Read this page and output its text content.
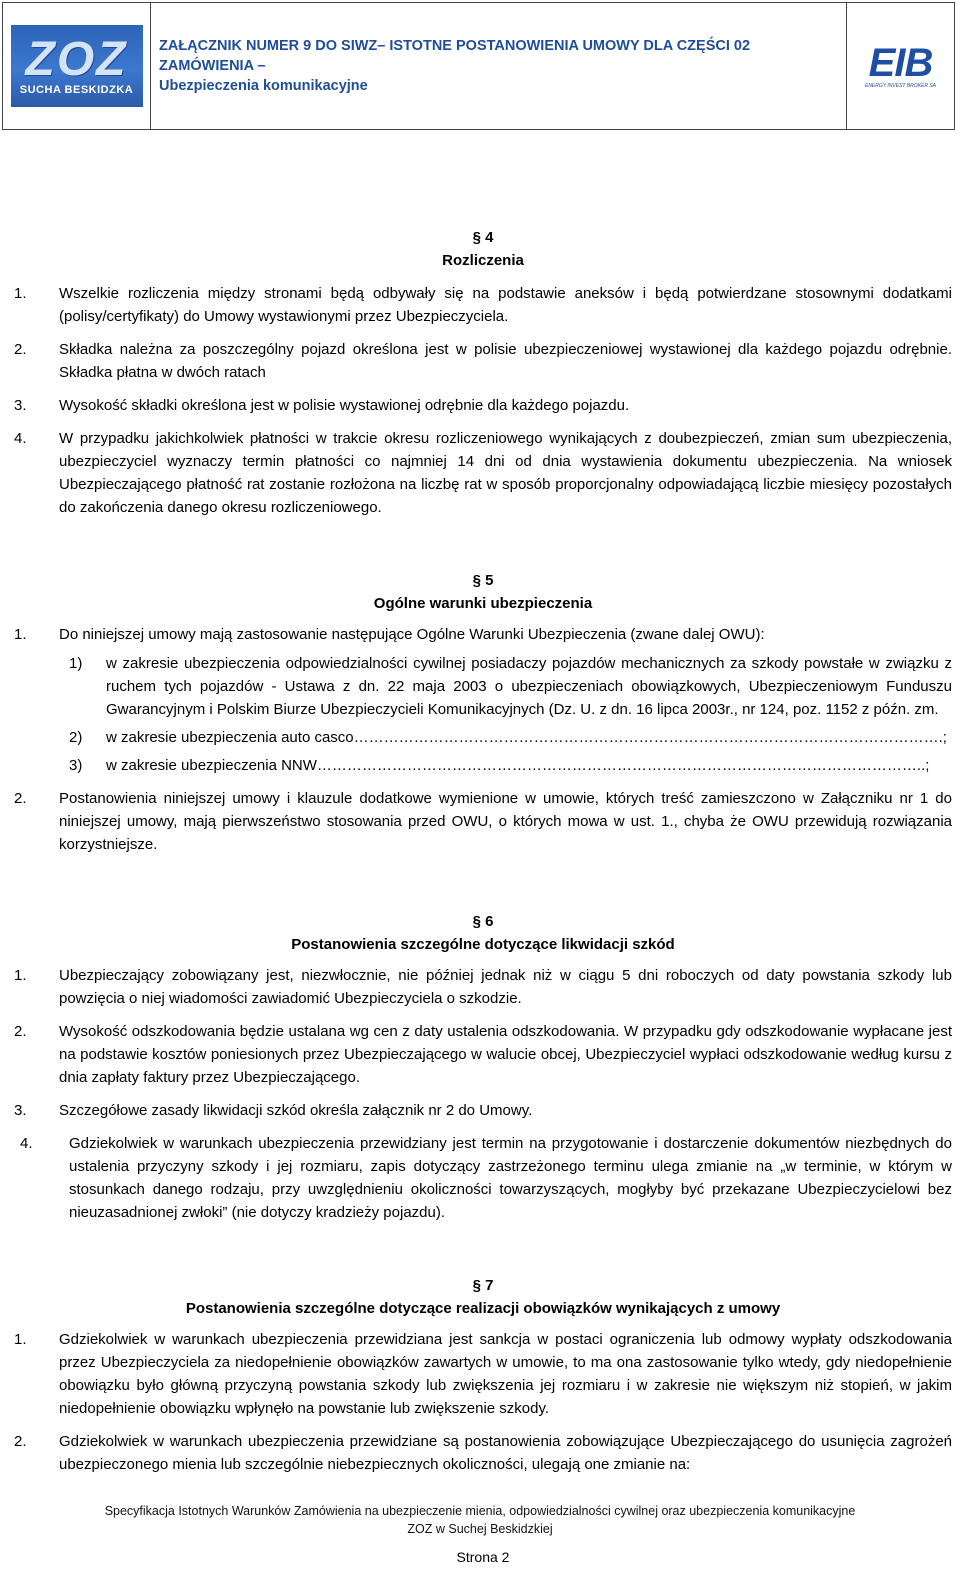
ZOZ
SUCHA BESKIDZKA
ZAŁĄCZNIK NUMER 9 DO SIWZ– ISTOTNE POSTANOWIENIA UMOWY DLA CZĘŚCI 02 ZAMÓWIENIA –
Ubezpieczenia komunikacyjne
EIB
ENERGY INVEST BROKER SA
§ 4
Rozliczenia
1.	Wszelkie rozliczenia między stronami będą odbywały się na podstawie aneksów i będą potwierdzane stosownymi dodatkami (polisy/certyfikaty) do Umowy wystawionymi przez Ubezpieczyciela.
2.	Składka należna za poszczególny pojazd określona jest w polisie ubezpieczeniowej wystawionej dla każdego pojazdu odrębnie. Składka płatna w dwóch ratach
3.	Wysokość składki określona jest w polisie wystawionej odrębnie dla każdego pojazdu.
4.	W przypadku jakichkolwiek płatności w trakcie okresu rozliczeniowego wynikających z doubezpieczeń, zmian sum ubezpieczenia, ubezpieczyciel wyznaczy termin płatności co najmniej 14 dni od dnia wystawienia dokumentu ubezpieczenia. Na wniosek Ubezpieczającego płatność rat zostanie rozłożona na liczbę rat w sposób proporcjonalny odpowiadającą liczbie miesięcy pozostałych do zakończenia danego okresu rozliczeniowego.
§ 5
Ogólne warunki ubezpieczenia
1.	Do niniejszej umowy mają zastosowanie następujące Ogólne Warunki Ubezpieczenia (zwane dalej OWU):
1)	w zakresie ubezpieczenia odpowiedzialności cywilnej posiadaczy pojazdów mechanicznych za szkody powstałe w związku z ruchem tych pojazdów - Ustawa z dn. 22 maja 2003 o ubezpieczeniach obowiązkowych, Ubezpieczeniowym Funduszu Gwarancyjnym i Polskim Biurze Ubezpieczycieli Komunikacyjnych (Dz. U. z dn. 16 lipca 2003r., nr 124, poz. 1152 z późn. zm.
2)	w zakresie ubezpieczenia auto casco……………………………………………………………………………………………………….;
3)	w zakresie ubezpieczenia NNW…………………………………………………………………………………………………………..;
2.	Postanowienia niniejszej umowy i klauzule dodatkowe wymienione w umowie, których treść zamieszczono w Załączniku nr 1 do niniejszej umowy, mają pierwszeństwo stosowania przed OWU, o których mowa w ust. 1., chyba że OWU przewidują rozwiązania korzystniejsze.
§ 6
Postanowienia szczególne dotyczące likwidacji szkód
1.	Ubezpieczający zobowiązany jest, niezwłocznie, nie później jednak niż w ciągu 5 dni roboczych od daty powstania szkody lub powzięcia o niej wiadomości zawiadomić Ubezpieczyciela o szkodzie.
2.	Wysokość odszkodowania będzie ustalana wg cen z daty ustalenia odszkodowania. W przypadku gdy odszkodowanie wypłacane jest na podstawie kosztów poniesionych przez Ubezpieczającego w walucie obcej, Ubezpieczyciel wypłaci odszkodowanie według kursu z dnia zapłaty faktury przez Ubezpieczającego.
3.	Szczegółowe zasady likwidacji szkód określa załącznik nr 2 do Umowy.
4.	Gdziekolwiek w warunkach ubezpieczenia przewidziany jest termin na przygotowanie i dostarczenie dokumentów niezbędnych do ustalenia przyczyny szkody i jej rozmiaru, zapis dotyczący zastrzeżonego terminu ulega zmianie na „w terminie, w którym w stosunkach danego rodzaju, przy uwzględnieniu okoliczności towarzyszących, mogłyby być przekazane Ubezpieczycielowi bez nieuzasadnionej zwłoki” (nie dotyczy kradzieży pojazdu).
§ 7
Postanowienia szczególne dotyczące realizacji obowiązków wynikających z umowy
1.	Gdziekolwiek w warunkach ubezpieczenia przewidziana jest sankcja w postaci ograniczenia lub odmowy wypłaty odszkodowania przez Ubezpieczyciela za niedopełnienie obowiązków zawartych w umowie, to ma ona zastosowanie tylko wtedy, gdy niedopełnienie obowiązku było główną przyczyną powstania szkody lub zwiększenia jej rozmiaru i w zakresie nie większym niż stopień, w jakim niedopełnienie obowiązku wpłynęło na powstanie lub zwiększenie szkody.
2.	Gdziekolwiek w warunkach ubezpieczenia przewidziane są postanowienia zobowiązujące Ubezpieczającego do usunięcia zagrożeń ubezpieczonego mienia lub szczególnie niebezpiecznych okoliczności, ulegają one zmianie na:
Specyfikacja Istotnych Warunków Zamówienia na ubezpieczenie mienia, odpowiedzialności cywilnej oraz ubezpieczenia komunikacyjne
ZOZ w Suchej Beskidzkiej
Strona 2
